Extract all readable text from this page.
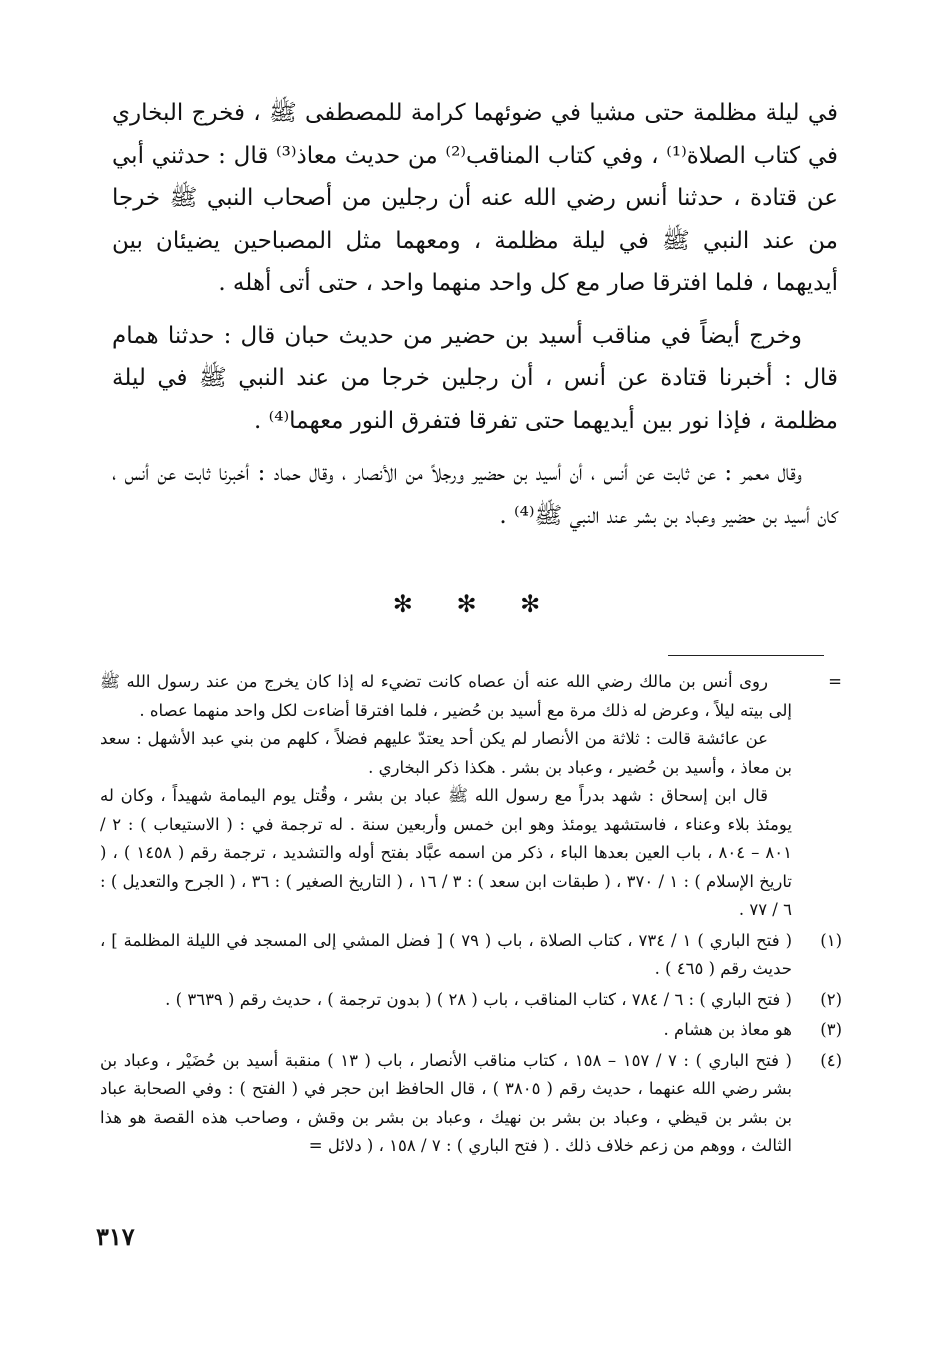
في ليلة مظلمة حتى مشيا في ضوئهما كرامة للمصطفى ﷺ ، فخرج البخاري في كتاب الصلاة⁽¹⁾ ، وفي كتاب المناقب⁽²⁾ من حديث معاذ⁽³⁾ قال : حدثني أبي عن قتادة ، حدثنا أنس رضي الله عنه أن رجلين من أصحاب النبي ﷺ خرجا من عند النبي ﷺ في ليلة مظلمة ، ومعهما مثل المصباحين يضيئان بين أيديهما ، فلما افترقا صار مع كل واحد منهما واحد ، حتى أتى أهله .

وخرج أيضاً في مناقب أسيد بن حضير من حديث حبان قال : حدثنا همام قال : أخبرنا قتادة عن أنس ، أن رجلين خرجا من عند النبي ﷺ في ليلة مظلمة ، فإذا نور بين أيديهما حتى تفرقا فتفرق النور معهما⁽⁴⁾ .

وقال معمر : عن ثابت عن أنس ، أن أسيد بن حضير ورجلاً من الأنصار ، وقال حماد : أخبرنا ثابت عن أنس ، كان أسيد بن حضير وعباد بن بشر عند النبي ﷺ⁽⁴⁾ .

✻ ✻ ✻
=
روى أنس بن مالك رضي الله عنه أن عصاه كانت تضيء له إذا كان يخرج من عند رسول الله ﷺ إلى بيته ليلاً ، وعرض له ذلك مرة مع أسيد بن حُضير ، فلما افترقا أضاءت لكل واحد منهما عصاه .
عن عائشة قالت : ثلاثة من الأنصار لم يكن أحد يعتدّ عليهم فضلاً ، كلهم من بني عبد الأشهل : سعد بن معاذ ، وأسيد بن حُضير ، وعباد بن بشر . هكذا ذكر البخاري .
قال ابن إسحاق : شهد بدراً مع رسول الله ﷺ عباد بن بشر ، وقُتل يوم اليمامة شهيداً ، وكان له يومئذ بلاء وعناء ، فاستشهد يومئذ وهو ابن خمس وأربعين سنة . له ترجمة في : ( الاستيعاب ) : ٢ / ٨٠١ – ٨٠٤ ، باب العين بعدها الباء ، ذكر من اسمه عبَّاد بفتح أوله والتشديد ، ترجمة رقم ( ١٤٥٨ ) ، ( تاريخ الإسلام ) : ١ / ٣٧٠ ، ( طبقات ابن سعد ) : ٣ / ١٦ ، ( التاريخ الصغير ) : ٣٦ ، ( الجرح والتعديل ) : ٦ / ٧٧ .
(١)
( فتح الباري ) ١ / ٧٣٤ ، كتاب الصلاة ، باب ( ٧٩ ) [ فضل المشي إلى المسجد في الليلة المظلمة ] ، حديث رقم ( ٤٦٥ ) .
(٢)
( فتح الباري ) : ٦ / ٧٨٤ ، كتاب المناقب ، باب ( ٢٨ ) ( بدون ترجمة ) ، حديث رقم ( ٣٦٣٩ ) .
(٣)
هو معاذ بن هشام .
(٤)
( فتح الباري ) : ٧ / ١٥٧ – ١٥٨ ، كتاب مناقب الأنصار ، باب ( ١٣ ) منقبة أسيد بن حُضَيْر ، وعباد بن بشر رضي الله عنهما ، حديث رقم ( ٣٨٠٥ ) ، قال الحافظ ابن حجر في ( الفتح ) : وفي الصحابة عباد بن بشر بن قيظي ، وعباد بن بشر بن نهيك ، وعباد بن بشر بن وقش ، وصاحب هذه القصة هو هذا الثالث ، ووهم من زعم خلاف ذلك . ( فتح الباري ) : ٧ / ١٥٨ ، ( دلائل =
٣١٧
